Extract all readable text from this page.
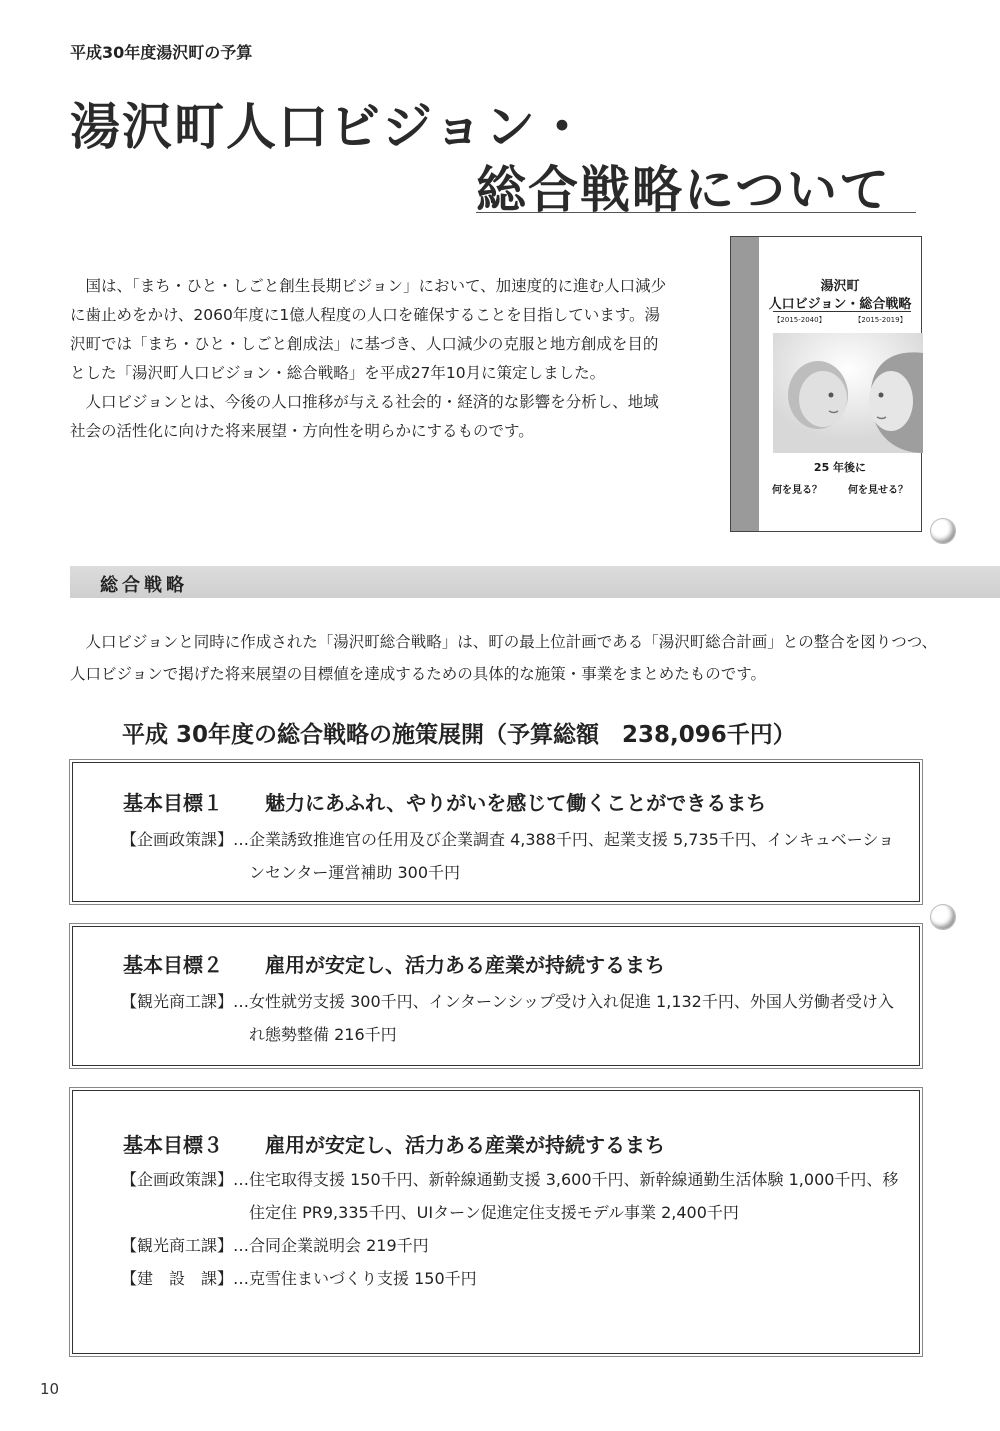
平成30年度湯沢町の予算
湯沢町人口ビジョン・
総合戦略について

国は、「まち・ひと・しごと創生長期ビジョン」において、加速度的に進む人口減少に歯止めをかけ、2060年度に1億人程度の人口を確保することを目指しています。湯沢町では「まち・ひと・しごと創成法」に基づき、人口減少の克服と地方創成を目的とした「湯沢町人口ビジョン・総合戦略」を平成27年10月に策定しました。

人口ビジョンとは、今後の人口推移が与える社会的・経済的な影響を分析し、地域社会の活性化に向けた将来展望・方向性を明らかにするものです。

湯沢町
人口ビジョン・総合戦略
【2015-2040】	【2015-2019】
25 年後に
何を見る？	何を見せる？
総合戦略

人口ビジョンと同時に作成された「湯沢町総合戦略」は、町の最上位計画である「湯沢町総合計画」との整合を図りつつ、人口ビジョンで掲げた将来展望の目標値を達成するための具体的な施策・事業をまとめたものです。

平成 30年度の総合戦略の施策展開（予算総額　238,096千円）
基本目標１ 魅力にあふれ、やりがいを感じて働くことができるまち
【企画政策課】… 企業誘致推進官の任用及び企業調査 4,388千円、起業支援 5,735千円、インキュベーションセンター運営補助 300千円
基本目標２ 雇用が安定し、活力ある産業が持続するまち
【観光商工課】… 女性就労支援 300千円、インターンシップ受け入れ促進 1,132千円、外国人労働者受け入れ態勢整備 216千円
基本目標３ 雇用が安定し、活力ある産業が持続するまち
【企画政策課】… 住宅取得支援 150千円、新幹線通勤支援 3,600千円、新幹線通勤生活体験 1,000千円、移住定住 PR9,335千円、UIターン促進定住支援モデル事業 2,400千円
【観光商工課】… 合同企業説明会 219千円
【建　設　課】… 克雪住まいづくり支援 150千円
10
